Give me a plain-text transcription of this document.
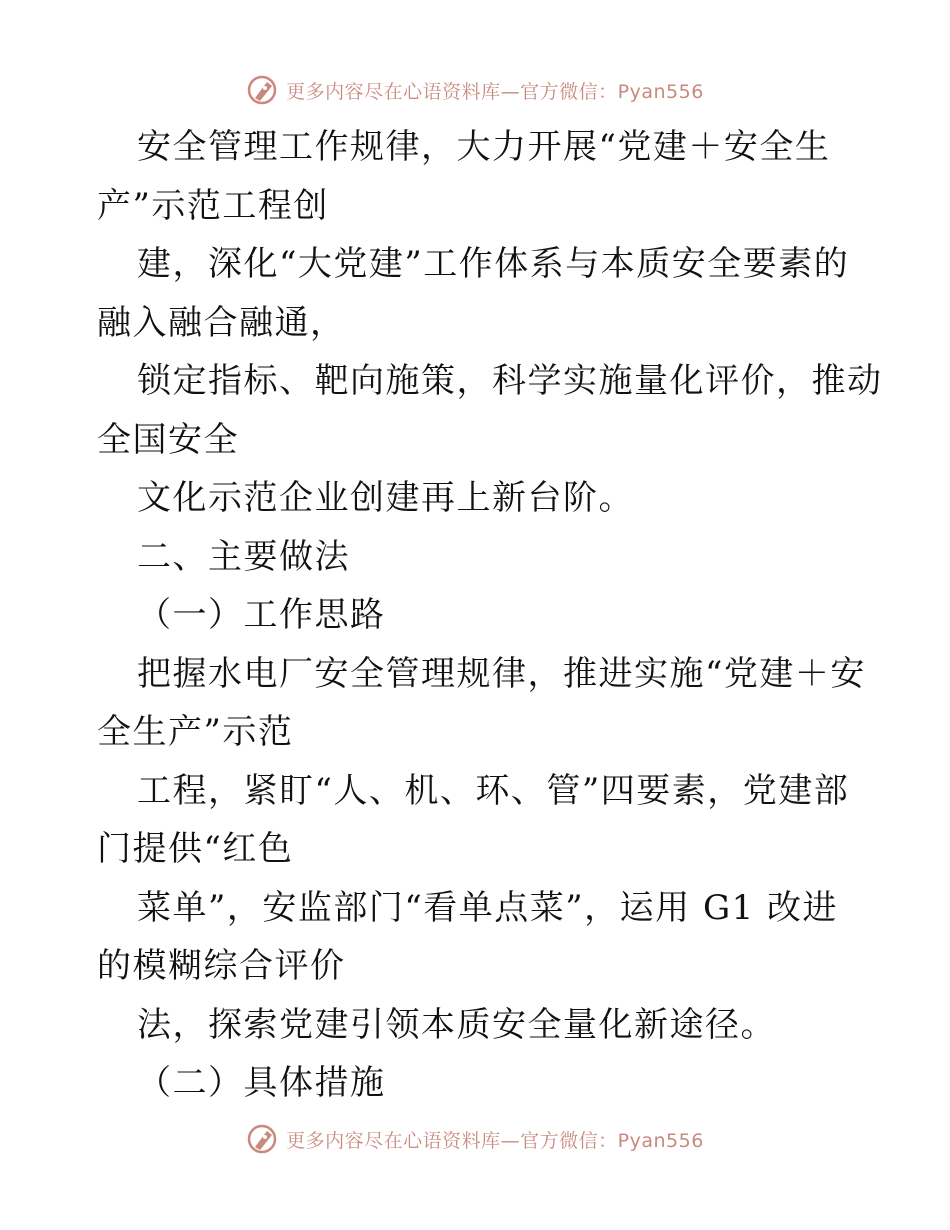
更多内容尽在心语资料库—官方微信：Pyan556
安全管理工作规律，大力开展“党建＋安全生
产”示范工程创
建，深化“大党建”工作体系与本质安全要素的
融入融合融通，
锁定指标、靶向施策，科学实施量化评价，推动
全国安全
文化示范企业创建再上新台阶。
二、主要做法
（一）工作思路
把握水电厂安全管理规律，推进实施“党建＋安
全生产”示范
工程，紧盯“人、机、环、管”四要素，党建部
门提供“红色
菜单”，安监部门“看单点菜”，运用 G1 改进
的模糊综合评价
法，探索党建引领本质安全量化新途径。
（二）具体措施
更多内容尽在心语资料库—官方微信：Pyan556
